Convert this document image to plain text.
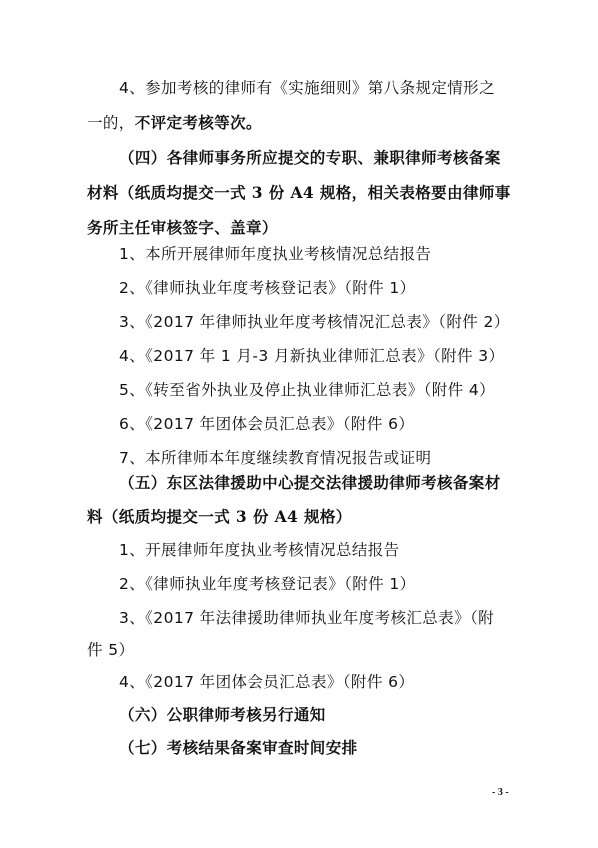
4、参加考核的律师有《实施细则》第八条规定情形之
一的，不评定考核等次。
（四）各律师事务所应提交的专职、兼职律师考核备案
材料（纸质均提交一式 3 份 A4 规格，相关表格要由律师事
务所主任审核签字、盖章）
1、本所开展律师年度执业考核情况总结报告
2、《律师执业年度考核登记表》（附件 1）
3、《2017 年律师执业年度考核情况汇总表》（附件 2）
4、《2017 年 1 月-3 月新执业律师汇总表》（附件 3）
5、《转至省外执业及停止执业律师汇总表》（附件 4）
6、《2017 年团体会员汇总表》（附件 6）
7、本所律师本年度继续教育情况报告或证明
（五）东区法律援助中心提交法律援助律师考核备案材
料（纸质均提交一式 3 份 A4 规格）
1、开展律师年度执业考核情况总结报告
2、《律师执业年度考核登记表》（附件 1）
3、《2017 年法律援助律师执业年度考核汇总表》（附
件 5）
4、《2017 年团体会员汇总表》（附件 6）
（六）公职律师考核另行通知
（七）考核结果备案审查时间安排
- 3 -
